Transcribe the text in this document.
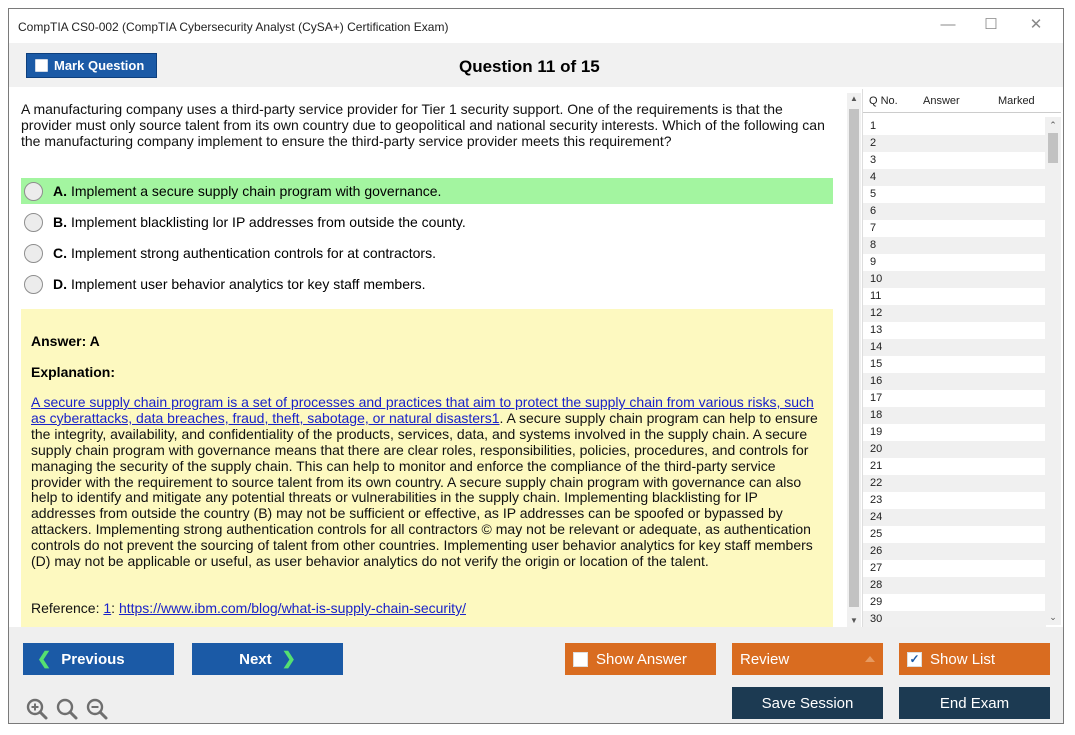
CompTIA CS0-002 (CompTIA Cybersecurity Analyst (CySA+) Certification Exam)	—	☐	✕
Mark Question	Question 11 of 15
A manufacturing company uses a third-party service provider for Tier 1 security support. One of the requirements is that the provider must only source talent from its own country due to geopolitical and national security interests. Which of the following can the manufacturing company implement to ensure the third-party service provider meets this requirement?
A. Implement a secure supply chain program with governance.
B. Implement blacklisting lor IP addresses from outside the county.
C. Implement strong authentication controls for at contractors.
D. Implement user behavior analytics tor key staff members.
Answer: A
Explanation:
A secure supply chain program is a set of processes and practices that aim to protect the supply chain from various risks, such as cyberattacks, data breaches, fraud, theft, sabotage, or natural disasters1. A secure supply chain program can help to ensure the integrity, availability, and confidentiality of the products, services, data, and systems involved in the supply chain. A secure supply chain program with governance means that there are clear roles, responsibilities, policies, procedures, and controls for managing the security of the supply chain. This can help to monitor and enforce the compliance of the third-party service provider with the requirement to source talent from its own country. A secure supply chain program with governance can also help to identify and mitigate any potential threats or vulnerabilities in the supply chain. Implementing blacklisting for IP addresses from outside the country (B) may not be sufficient or effective, as IP addresses can be spoofed or bypassed by attackers. Implementing strong authentication controls for all contractors © may not be relevant or adequate, as authentication controls do not prevent the sourcing of talent from other countries. Implementing user behavior analytics for key staff members (D) may not be applicable or useful, as user behavior analytics do not verify the origin or location of the talent.
Reference: 1: https://www.ibm.com/blog/what-is-supply-chain-security/
▲
▼
Q No. Answer	Marked
1
2
3
4
5
6
7
8
9
10
11
12
13
14
15
16
17
18
19
20
21
22
23
24
25
26
27
28
29
30
⌃
⌄
❮ Previous	Next ❯	Show Answer	Review	✓ Show List
Save Session	End Exam
